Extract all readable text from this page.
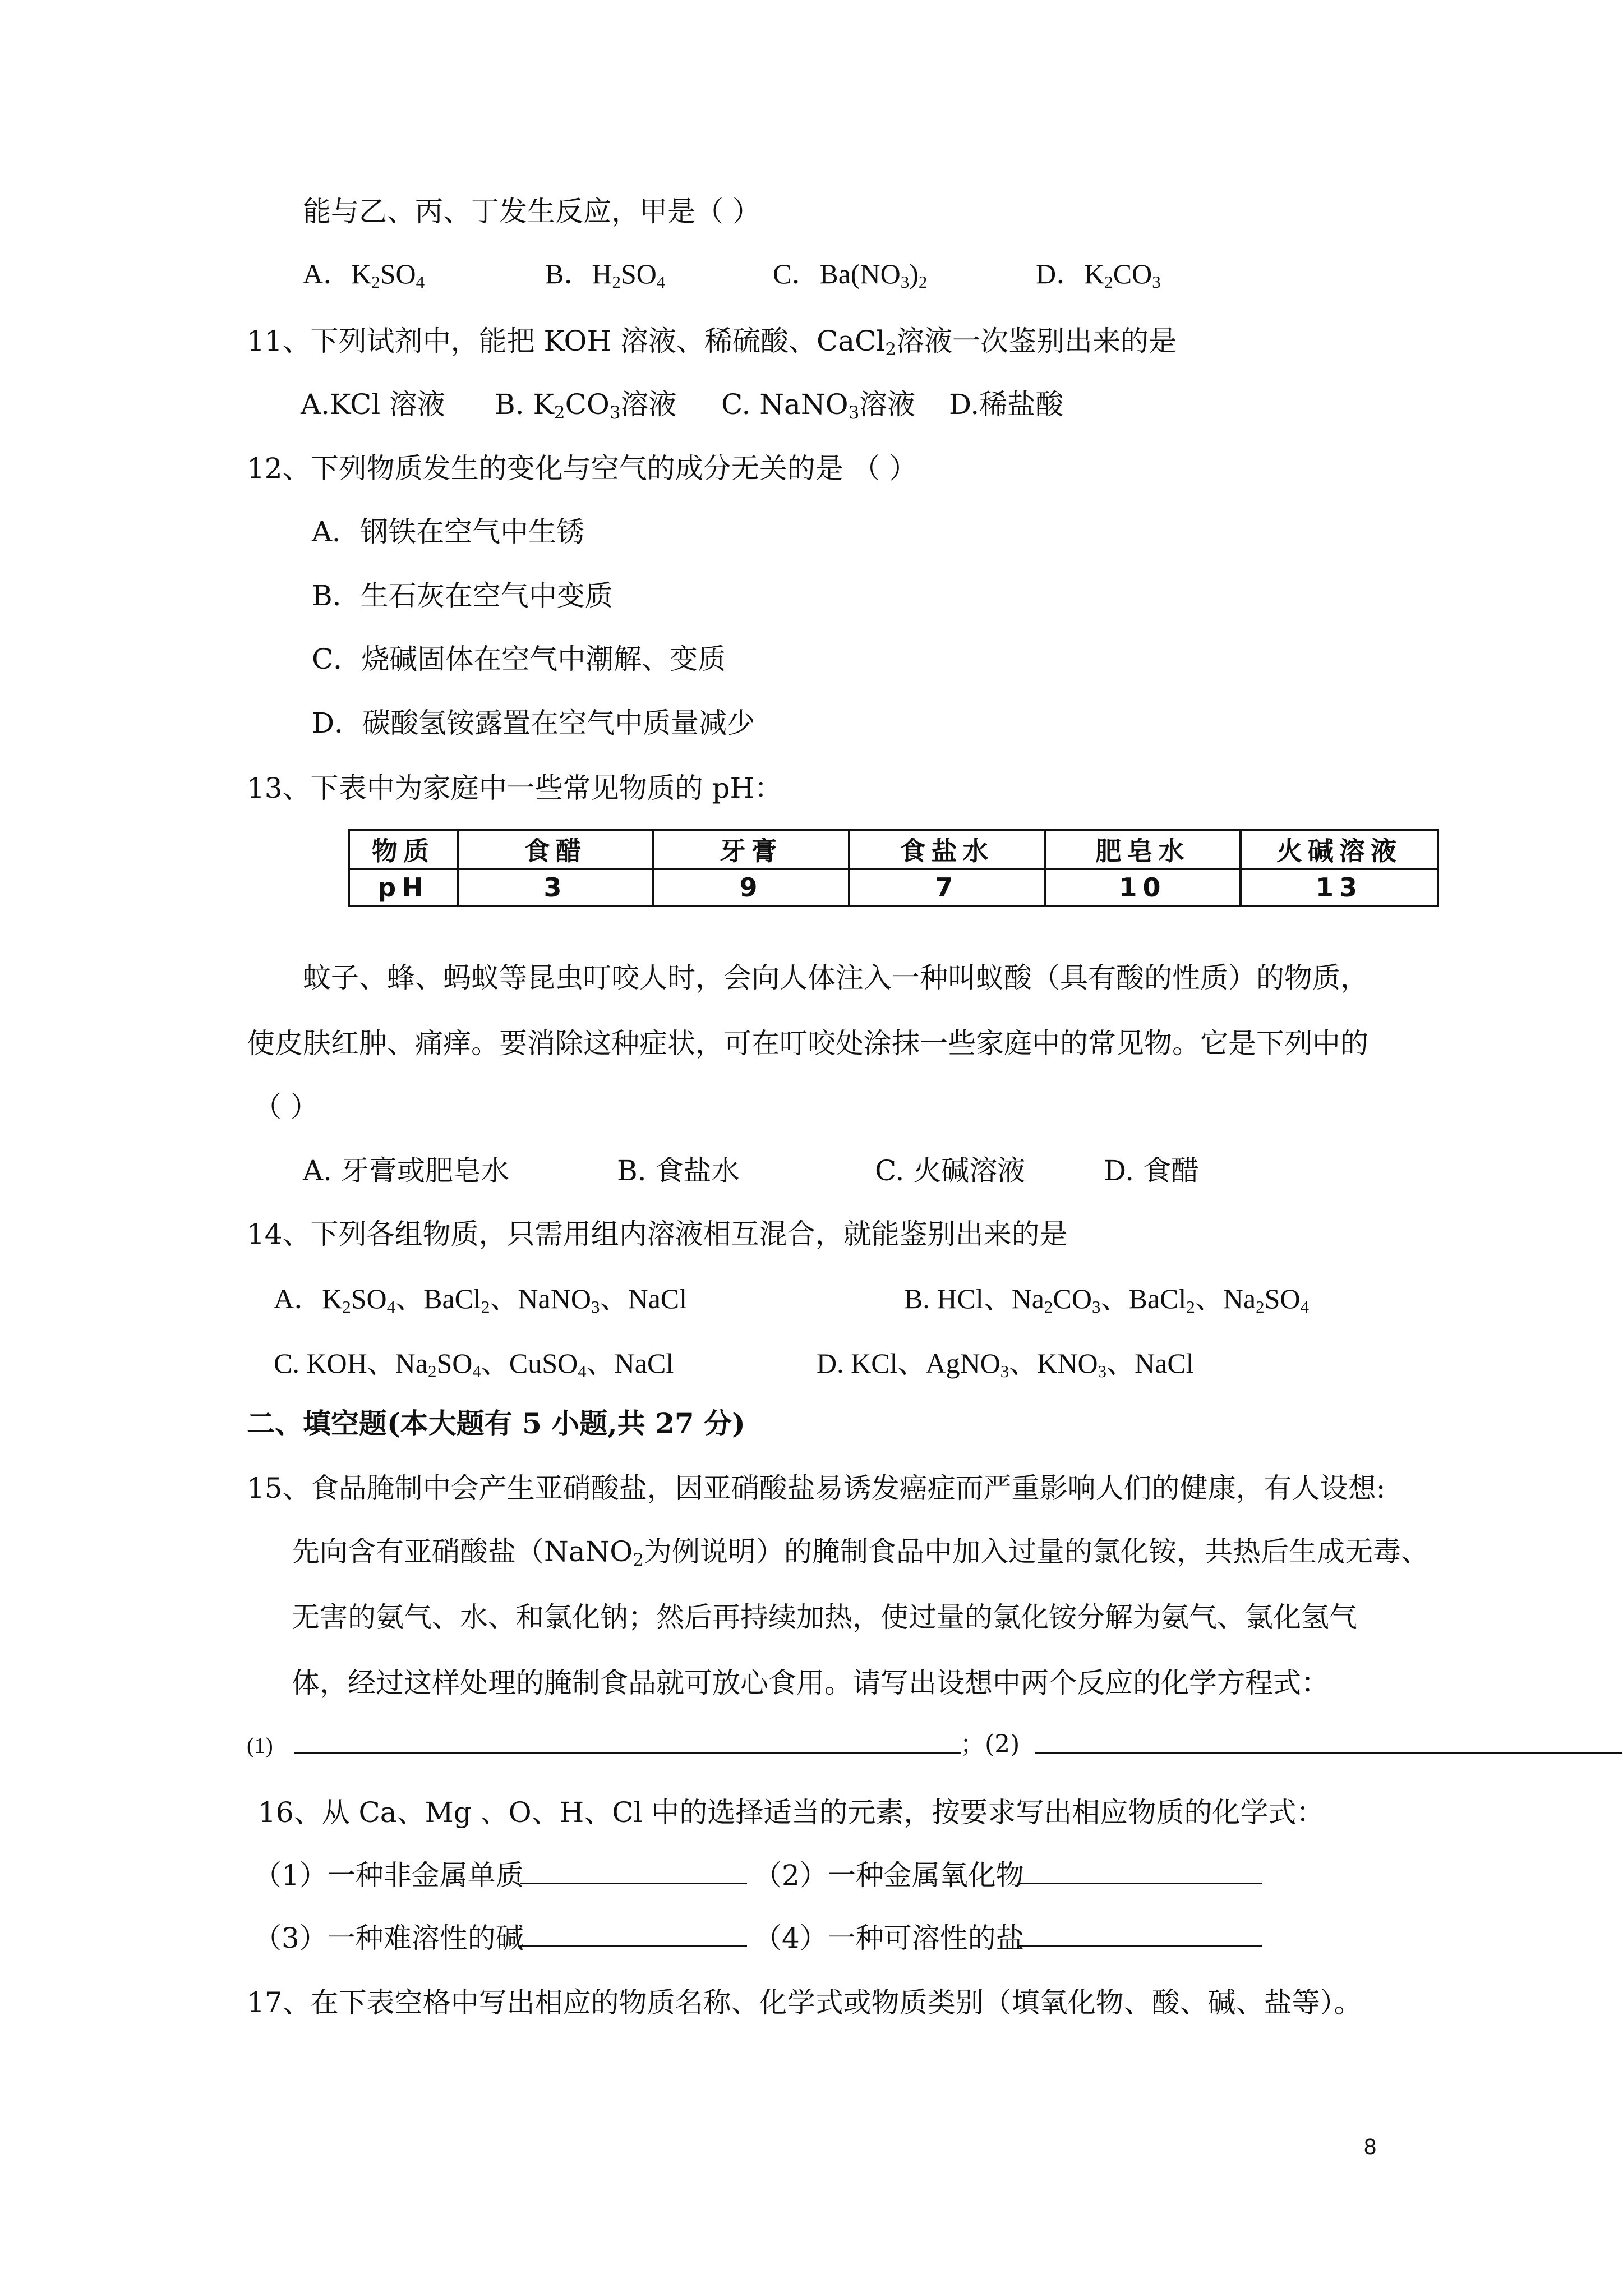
能与乙、丙、丁发生反应，甲是（ ）
A．$K_2SO_4$	B．$H_2SO_4$	C．$Ba(NO_3)_2$	D．$K_2CO_3$
11、下列试剂中，能把 KOH 溶液、稀硫酸、CaCl$_2$溶液一次鉴别出来的是
A.KCl 溶液 B. $K_2CO_3$溶液 C. NaNO$_3$溶液 D.稀盐酸
12、下列物质发生的变化与空气的成分无关的是 （ ）
A．钢铁在空气中生锈
B．生石灰在空气中变质
C．烧碱固体在空气中潮解、变质
D．碳酸氢铵露置在空气中质量减少
13、下表中为家庭中一些常见物质的 pH：
物质	食醋	牙膏	食盐水	肥皂水	火碱溶液
pH	3	9	7	10	13
蚊子、蜂、蚂蚁等昆虫叮咬人时，会向人体注入一种叫蚁酸（具有酸的性质）的物质，
使皮肤红肿、痛痒。要消除这种症状，可在叮咬处涂抹一些家庭中的常见物。它是下列中的
（ ）
A. 牙膏或肥皂水	B. 食盐水	C. 火碱溶液	D. 食醋
14、下列各组物质，只需用组内溶液相互混合，就能鉴别出来的是
A．$K_2SO_4$、BaCl$_2$、NaNO$_3$、NaCl	B. HCl、$Na_2CO_3$、BaCl$_2$、$Na_2SO_4$
C. KOH、$Na_2SO_4$、CuSO$_4$、NaCl	D. KCl、AgNO$_3$、$KNO_3$、NaCl
二、填空题(本大题有 5 小题,共 27 分)
15、食品腌制中会产生亚硝酸盐，因亚硝酸盐易诱发癌症而严重影响人们的健康，有人设想:
先向含有亚硝酸盐（NaNO$_2$为例说明）的腌制食品中加入过量的氯化铵，共热后生成无毒、
无害的氨气、水、和氯化钠；然后再持续加热，使过量的氯化铵分解为氨气、氯化氢气
体，经过这样处理的腌制食品就可放心食用。请写出设想中两个反应的化学方程式：
(1)	；(2)
16、从 Ca、Mg 、O、H、Cl 中的选择适当的元素，按要求写出相应物质的化学式：
（1）一种非金属单质	（2）一种金属氧化物
（3）一种难溶性的碱	（4）一种可溶性的盐
17、在下表空格中写出相应的物质名称、化学式或物质类别（填氧化物、酸、碱、盐等）。
8
